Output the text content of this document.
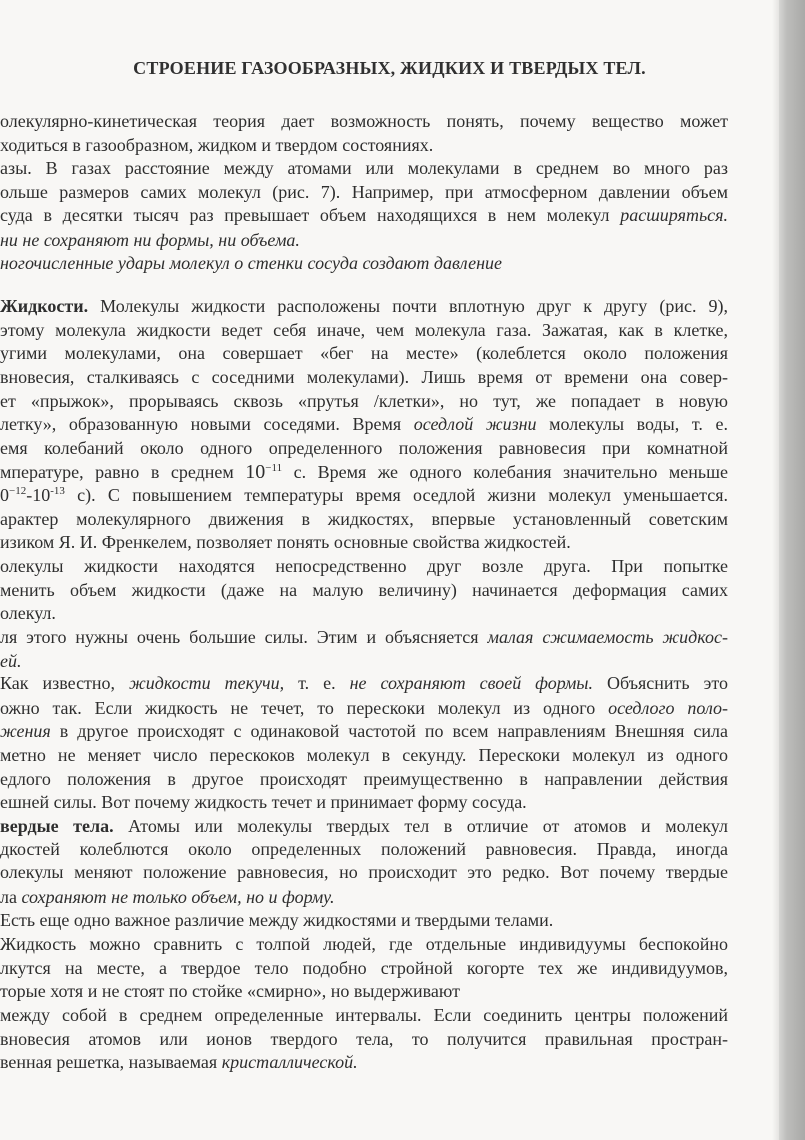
СТРОЕНИЕ ГАЗООБРАЗНЫХ, ЖИДКИХ И ТВЕРДЫХ ТЕЛ.
олекулярно-кинетическая теория дает возможность понять, почему вещество может
ходиться в газообразном, жидком и твердом состояниях.
азы. В газах расстояние между атомами или молекулами в среднем во много раз
ольше размеров самих молекул (рис. 7). Например, при атмосферном давлении объем
суда в десятки тысяч раз превышает объем находящихся в нем молекул расширяться.
ни не сохраняют ни формы, ни объема.
ногочисленные удары молекул о стенки сосуда создают давление
Жидкости. Молекулы жидкости расположены почти вплотную друг к другу (рис. 9),
этому молекула жидкости ведет себя иначе, чем молекула газа. Зажатая, как в клетке,
угими молекулами, она совершает «бег на месте» (колеблется около положения
вновесия, сталкиваясь с соседними молекулами). Лишь время от времени она совер-
ет «прыжок», прорываясь сквозь «прутья /клетки», но тут, же попадает в новую
летку», образованную новыми соседями. Время оседлой жизни молекулы воды, т. е.
емя колебаний около одного определенного положения равновесия при комнатной
мпературе, равно в среднем $10^{-11}$ с. Время же одного колебания значительно меньше
$0^{-12}-10^{-13}$ с). С повышением температуры время оседлой жизни молекул уменьшается.
арактер молекулярного движения в жидкостях, впервые установленный советским
изиком Я. И. Френкелем, позволяет понять основные свойства жидкостей.
олекулы жидкости находятся непосредственно друг возле друга. При попытке
менить объем жидкости (даже на малую величину) начинается деформация самих
олекул.
ля этого нужны очень большие силы. Этим и объясняется малая сжимаемость жидкос-
ей.
Как известно, жидкости текучи, т. е. не сохраняют своей формы. Объяснить это
ожно так. Если жидкость не течет, то перескоки молекул из одного оседлого поло-
жения в другое происходят с одинаковой частотой по всем направлениям Внешняя сила
метно не меняет число перескоков молекул в секунду. Перескоки молекул из одного
едлого положения в другое происходят преимущественно в направлении действия
ешней силы. Вот почему жидкость течет и принимает форму сосуда.
вердые тела. Атомы или молекулы твердых тел в отличие от атомов и молекул
дкостей колеблются около определенных положений равновесия. Правда, иногда
олекулы меняют положение равновесия, но происходит это редко. Вот почему твердые
ла сохраняют не только объем, но и форму.
Есть еще одно важное различие между жидкостями и твердыми телами.
Жидкость можно сравнить с толпой людей, где отдельные индивидуумы беспокойно
лкутся на месте, а твердое тело подобно стройной когорте тех же индивидуумов,
торые хотя и не стоят по стойке «смирно», но выдерживают
между собой в среднем определенные интервалы. Если соединить центры положений
вновесия атомов или ионов твердого тела, то получится правильная простран-
венная решетка, называемая кристаллической.
